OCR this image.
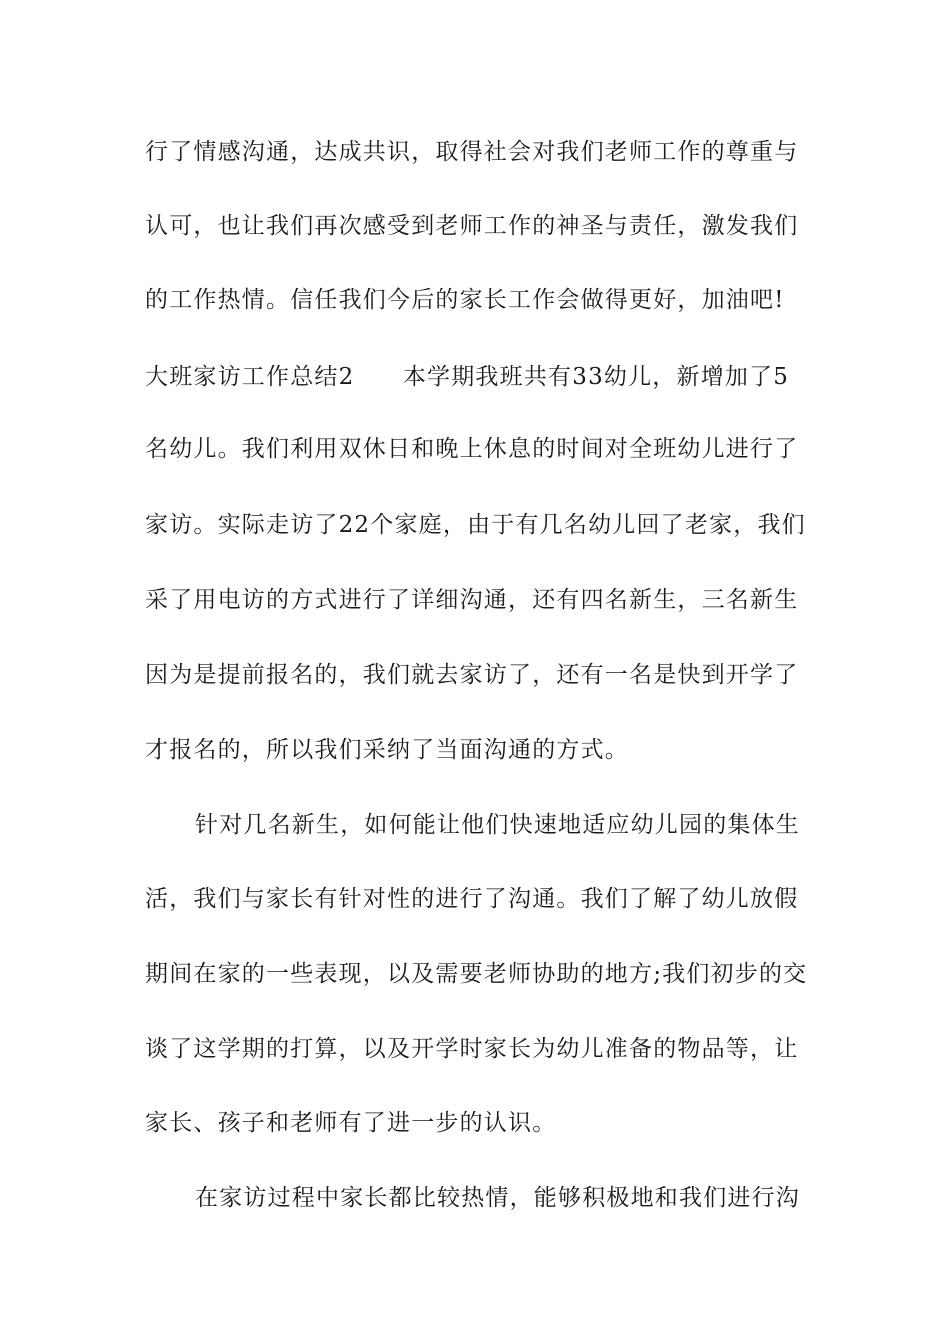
行了情感沟通，达成共识，取得社会对我们老师工作的尊重与
认可，也让我们再次感受到老师工作的神圣与责任，激发我们
的工作热情。信任我们今后的家长工作会做得更好，加油吧!
大班家访工作总结2　　本学期我班共有33幼儿，新增加了5
名幼儿。我们利用双休日和晚上休息的时间对全班幼儿进行了
家访。实际走访了22个家庭，由于有几名幼儿回了老家，我们
采了用电访的方式进行了详细沟通，还有四名新生，三名新生
因为是提前报名的，我们就去家访了，还有一名是快到开学了
才报名的，所以我们采纳了当面沟通的方式。
针对几名新生，如何能让他们快速地适应幼儿园的集体生
活，我们与家长有针对性的进行了沟通。我们了解了幼儿放假
期间在家的一些表现，以及需要老师协助的地方;我们初步的交
谈了这学期的打算，以及开学时家长为幼儿准备的物品等，让
家长、孩子和老师有了进一步的认识。
在家访过程中家长都比较热情，能够积极地和我们进行沟
